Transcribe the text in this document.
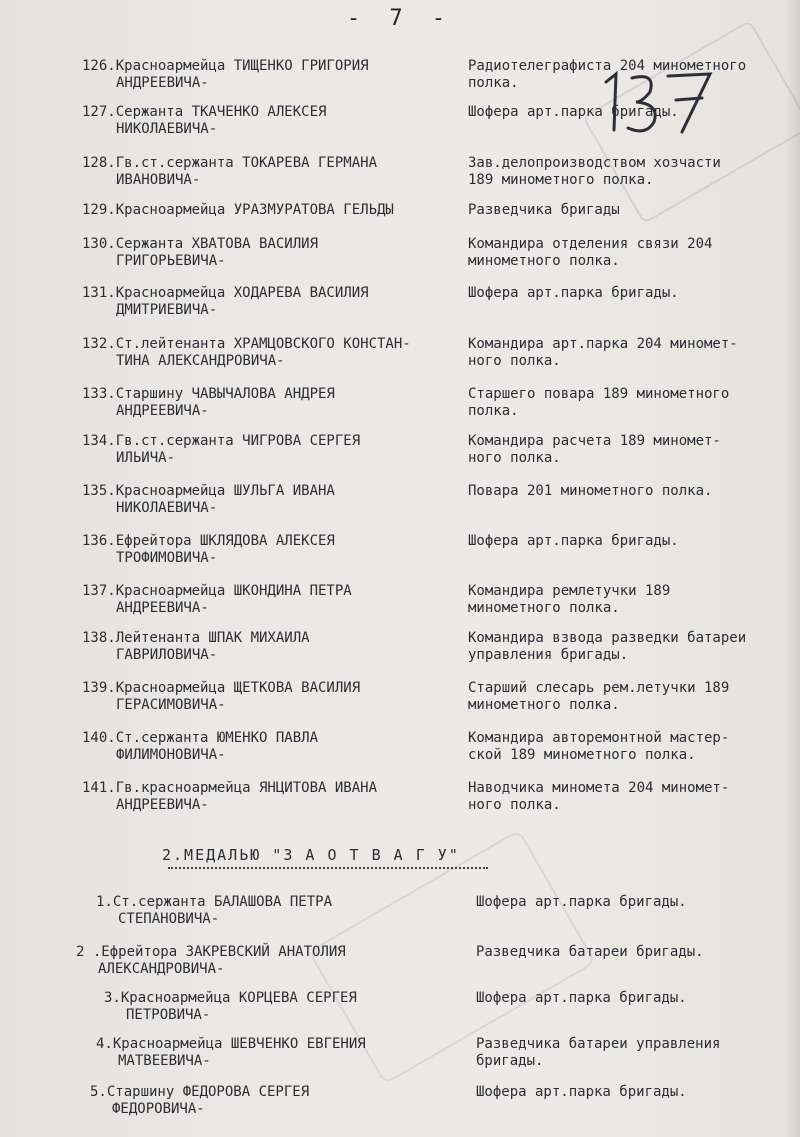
- 7 -
126.Красноармейца ТИЩЕНКО ГРИГОРИЯ
АНДРЕЕВИЧА-
Радиотелеграфиста 204 минометного
полка.
127.Сержанта ТКАЧЕНКО АЛЕКСЕЯ
НИКОЛАЕВИЧА-
Шофера арт.парка бригады.
128.Гв.ст.сержанта ТОКАРЕВА ГЕРМАНА
ИВАНОВИЧА-
Зав.делопроизводством хозчасти
189 минометного полка.
129.Красноармейца УРАЗМУРАТОВА ГЕЛЬДЫ	Разведчика бригады
130.Сержанта ХВАТОВА ВАСИЛИЯ
ГРИГОРЬЕВИЧА-
Командира отделения связи 204
минометного полка.
131.Красноармейца ХОДАРЕВА ВАСИЛИЯ
ДМИТРИЕВИЧА-
Шофера арт.парка бригады.
132.Ст.лейтенанта ХРАМЦОВСКОГО КОНСТАН-
ТИНА АЛЕКСАНДРОВИЧА-
Командира арт.парка 204 миномет-
ного полка.
133.Старшину ЧАВЫЧАЛОВА АНДРЕЯ
АНДРЕЕВИЧА-
Старшего повара 189 минометного
полка.
134.Гв.ст.сержанта ЧИГРОВА СЕРГЕЯ
ИЛЬИЧА-
Командира расчета 189 миномет-
ного полка.
135.Красноармейца ШУЛЬГА ИВАНА
НИКОЛАЕВИЧА-
Повара 201 минометного полка.
136.Ефрейтора ШКЛЯДОВА АЛЕКСЕЯ
ТРОФИМОВИЧА-
Шофера арт.парка бригады.
137.Красноармейца ШКОНДИНА ПЕТРА
АНДРЕЕВИЧА-
Командира ремлетучки 189
минометного полка.
138.Лейтенанта ШПАК МИХАИЛА
ГАВРИЛОВИЧА-
Командира взвода разведки батареи
управления бригады.
139.Красноармейца ЩЕТКОВА ВАСИЛИЯ
ГЕРАСИМОВИЧА-
Старший слесарь рем.летучки 189
минометного полка.
140.Ст.сержанта ЮМЕНКО ПАВЛА
ФИЛИМОНОВИЧА-
Командира авторемонтной мастер-
ской 189 минометного полка.
141.Гв.красноармейца ЯНЦИТОВА ИВАНА
АНДРЕЕВИЧА-
Наводчика миномета 204 миномет-
ного полка.
2.МЕДАЛЬЮ "З А О Т В А Г У"
1.Ст.сержанта БАЛАШОВА ПЕТРА
СТЕПАНОВИЧА-
Шофера арт.парка бригады.
2 .Ефрейтора ЗАКРЕВСКИЙ АНАТОЛИЯ
АЛЕКСАНДРОВИЧА-
Разведчика батареи бригады.
3.Красноармейца КОРЦЕВА СЕРГЕЯ
ПЕТРОВИЧА-
Шофера арт.парка бригады.
4.Красноармейца ШЕВЧЕНКО ЕВГЕНИЯ
МАТВЕЕВИЧА-
Разведчика батареи управления
бригады.
5.Старшину ФЕДОРОВА СЕРГЕЯ
ФЕДОРОВИЧА-
Шофера арт.парка бригады.
